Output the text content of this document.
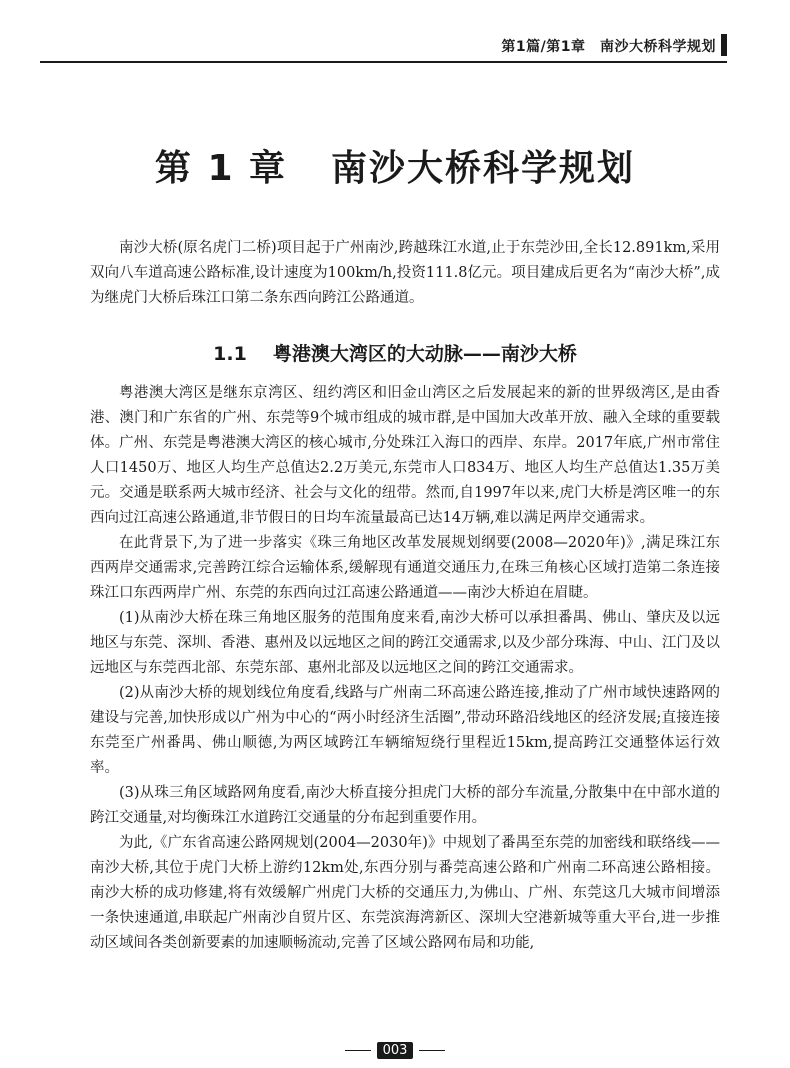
第1篇/第1章　南沙大桥科学规划
第 1 章 南沙大桥科学规划

南沙大桥(原名虎门二桥)项目起于广州南沙,跨越珠江水道,止于东莞沙田,全长12.891km,采用双向八车道高速公路标准,设计速度为100km/h,投资111.8亿元。项目建成后更名为“南沙大桥”,成为继虎门大桥后珠江口第二条东西向跨江公路通道。

1.1 粤港澳大湾区的大动脉——南沙大桥

粤港澳大湾区是继东京湾区、纽约湾区和旧金山湾区之后发展起来的新的世界级湾区,是由香港、澳门和广东省的广州、东莞等9个城市组成的城市群,是中国加大改革开放、融入全球的重要载体。广州、东莞是粤港澳大湾区的核心城市,分处珠江入海口的西岸、东岸。2017年底,广州市常住人口1450万、地区人均生产总值达2.2万美元,东莞市人口834万、地区人均生产总值达1.35万美元。交通是联系两大城市经济、社会与文化的纽带。然而,自1997年以来,虎门大桥是湾区唯一的东西向过江高速公路通道,非节假日的日均车流量最高已达14万辆,难以满足两岸交通需求。

在此背景下,为了进一步落实《珠三角地区改革发展规划纲要(2008—2020年)》,满足珠江东西两岸交通需求,完善跨江综合运输体系,缓解现有通道交通压力,在珠三角核心区域打造第二条连接珠江口东西两岸广州、东莞的东西向过江高速公路通道——南沙大桥迫在眉睫。

(1)从南沙大桥在珠三角地区服务的范围角度来看,南沙大桥可以承担番禺、佛山、肇庆及以远地区与东莞、深圳、香港、惠州及以远地区之间的跨江交通需求,以及少部分珠海、中山、江门及以远地区与东莞西北部、东莞东部、惠州北部及以远地区之间的跨江交通需求。

(2)从南沙大桥的规划线位角度看,线路与广州南二环高速公路连接,推动了广州市域快速路网的建设与完善,加快形成以广州为中心的“两小时经济生活圈”,带动环路沿线地区的经济发展;直接连接东莞至广州番禺、佛山顺德,为两区域跨江车辆缩短绕行里程近15km,提高跨江交通整体运行效率。

(3)从珠三角区域路网角度看,南沙大桥直接分担虎门大桥的部分车流量,分散集中在中部水道的跨江交通量,对均衡珠江水道跨江交通量的分布起到重要作用。

为此,《广东省高速公路网规划(2004—2030年)》中规划了番禺至东莞的加密线和联络线——南沙大桥,其位于虎门大桥上游约12km处,东西分别与番莞高速公路和广州南二环高速公路相接。南沙大桥的成功修建,将有效缓解广州虎门大桥的交通压力,为佛山、广州、东莞这几大城市间增添一条快速通道,串联起广州南沙自贸片区、东莞滨海湾新区、深圳大空港新城等重大平台,进一步推动区域间各类创新要素的加速顺畅流动,完善了区域公路网布局和功能,

003
